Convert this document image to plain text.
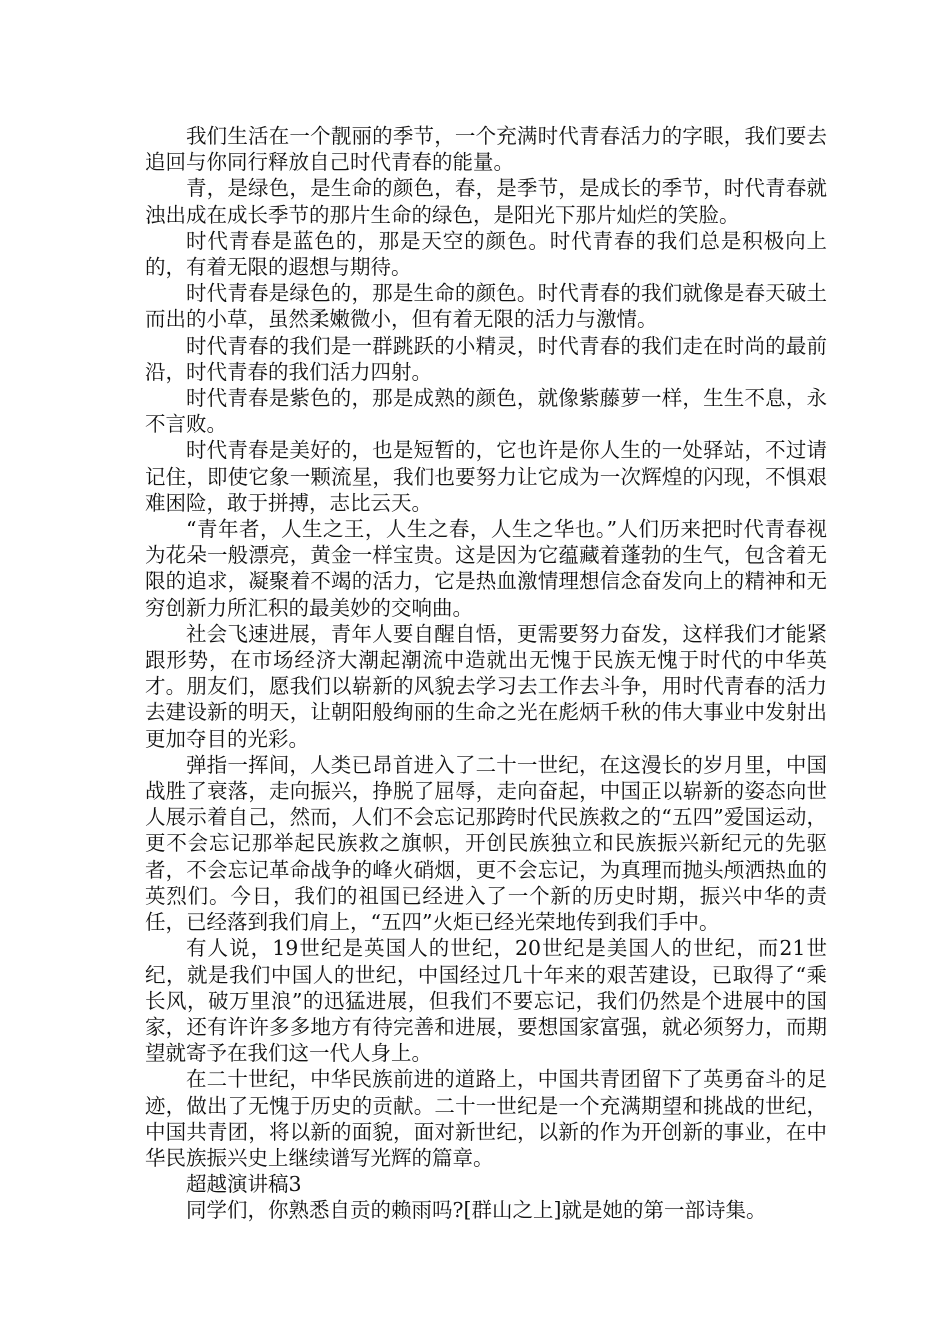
我们生活在一个靓丽的季节，一个充满时代青春活力的字眼，我们要去追回与你同行释放自己时代青春的能量。

青，是绿色，是生命的颜色，春，是季节，是成长的季节，时代青春就浊出成在成长季节的那片生命的绿色，是阳光下那片灿烂的笑脸。

时代青春是蓝色的，那是天空的颜色。时代青春的我们总是积极向上的，有着无限的遐想与期待。

时代青春是绿色的，那是生命的颜色。时代青春的我们就像是春天破土而出的小草，虽然柔嫩微小，但有着无限的活力与激情。

时代青春的我们是一群跳跃的小精灵，时代青春的我们走在时尚的最前沿，时代青春的我们活力四射。

时代青春是紫色的，那是成熟的颜色，就像紫藤萝一样，生生不息，永不言败。

时代青春是美好的，也是短暂的，它也许是你人生的一处驿站，不过请记住，即使它象一颗流星，我们也要努力让它成为一次辉煌的闪现，不惧艰难困险，敢于拼搏，志比云天。

“青年者，人生之王，人生之春，人生之华也。”人们历来把时代青春视为花朵一般漂亮，黄金一样宝贵。这是因为它蕴藏着蓬勃的生气，包含着无限的追求，凝聚着不竭的活力，它是热血激情理想信念奋发向上的精神和无穷创新力所汇积的最美妙的交响曲。

社会飞速进展，青年人要自醒自悟，更需要努力奋发，这样我们才能紧跟形势，在市场经济大潮起潮流中造就出无愧于民族无愧于时代的中华英才。朋友们，愿我们以崭新的风貌去学习去工作去斗争，用时代青春的活力去建设新的明天，让朝阳般绚丽的生命之光在彪炳千秋的伟大事业中发射出更加夺目的光彩。

弹指一挥间，人类已昂首进入了二十一世纪，在这漫长的岁月里，中国战胜了衰落，走向振兴，挣脱了屈辱，走向奋起，中国正以崭新的姿态向世人展示着自己，然而，人们不会忘记那跨时代民族救之的“五四”爱国运动，更不会忘记那举起民族救之旗帜，开创民族独立和民族振兴新纪元的先驱者，不会忘记革命战争的峰火硝烟，更不会忘记，为真理而抛头颅洒热血的英烈们。今日，我们的祖国已经进入了一个新的历史时期，振兴中华的责任，已经落到我们肩上，“五四”火炬已经光荣地传到我们手中。

有人说，19世纪是英国人的世纪，20世纪是美国人的世纪，而21世纪，就是我们中国人的世纪，中国经过几十年来的艰苦建设，已取得了“乘长风，破万里浪”的迅猛进展，但我们不要忘记，我们仍然是个进展中的国家，还有许许多多地方有待完善和进展，要想国家富强，就必须努力，而期望就寄予在我们这一代人身上。

在二十世纪，中华民族前进的道路上，中国共青团留下了英勇奋斗的足迹，做出了无愧于历史的贡献。二十一世纪是一个充满期望和挑战的世纪，中国共青团，将以新的面貌，面对新世纪，以新的作为开创新的事业，在中华民族振兴史上继续谱写光辉的篇章。

超越演讲稿3

同学们，你熟悉自贡的赖雨吗?[群山之上]就是她的第一部诗集。
